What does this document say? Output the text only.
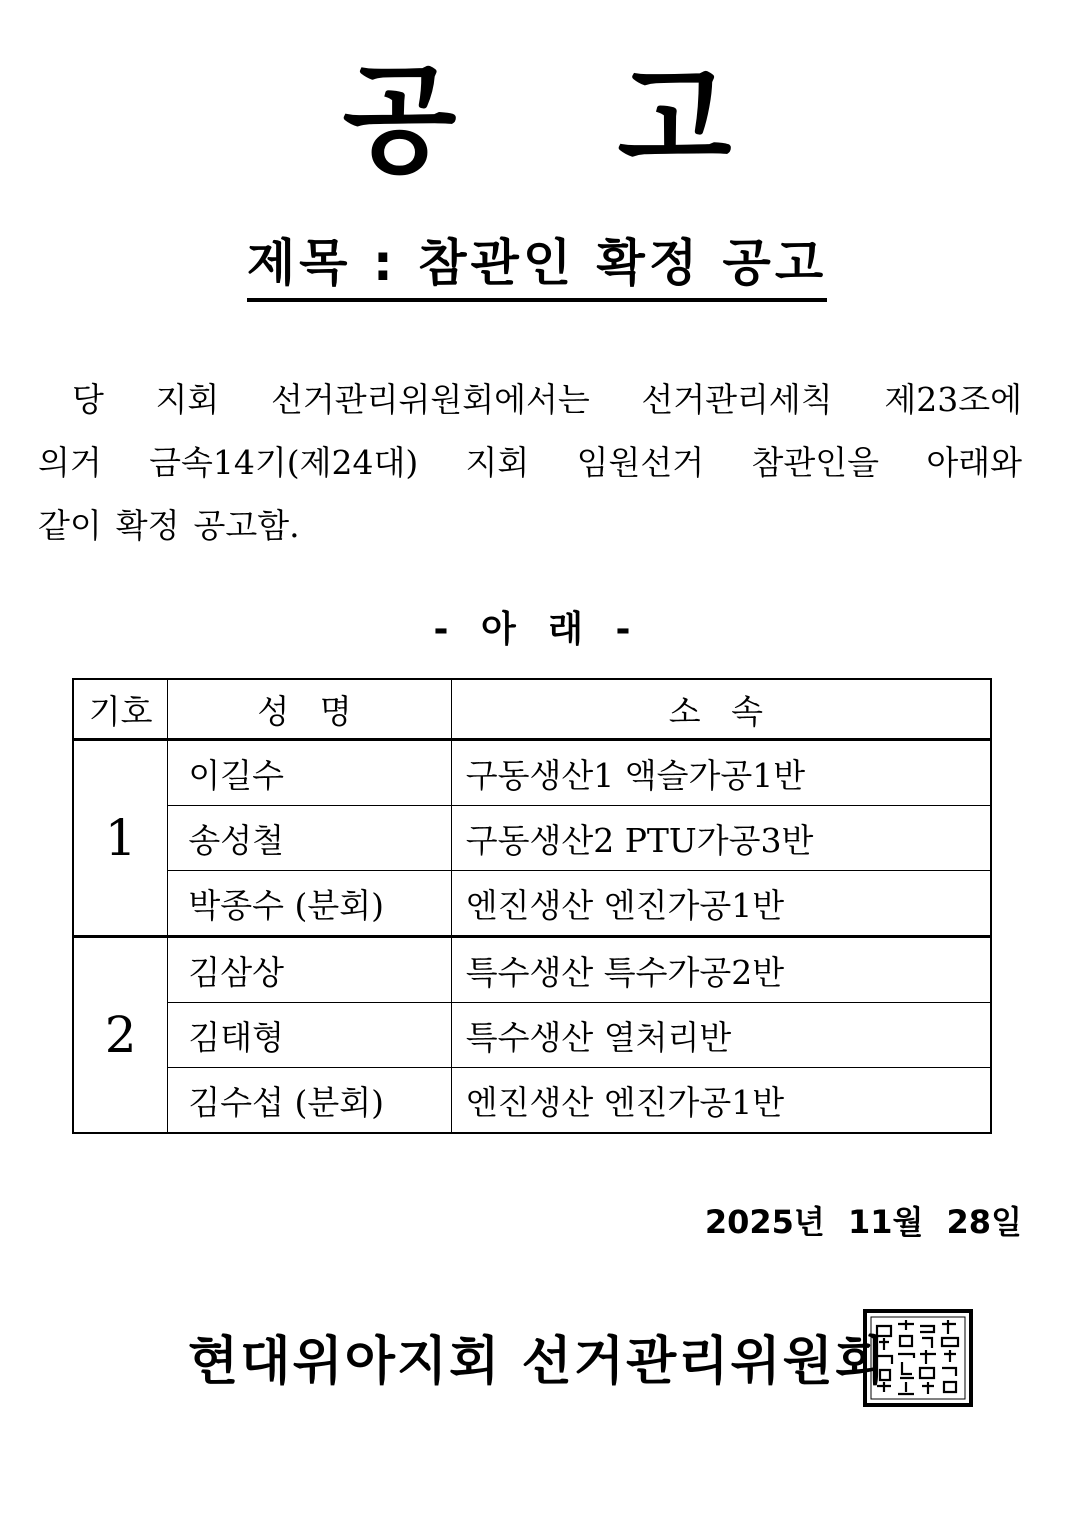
공 고
제목 : 참관인 확정 공고
당 지회 선거관리위원회에서는 선거관리세칙 제23조에
의거 금속14기(제24대) 지회 임원선거 참관인을 아래와
같이 확정 공고함.
- 아 래 -
기호	성 명	소 속
1	이길수	구동생산1 액슬가공1반
	송성철	구동생산2 PTU가공3반
	박종수 (분회)	엔진생산 엔진가공1반
2	김삼상	특수생산 특수가공2반
	김태형	특수생산 열처리반
	김수섭 (분회)	엔진생산 엔진가공1반
2025년 11월 28일
현대위아지회 선거관리위원회
